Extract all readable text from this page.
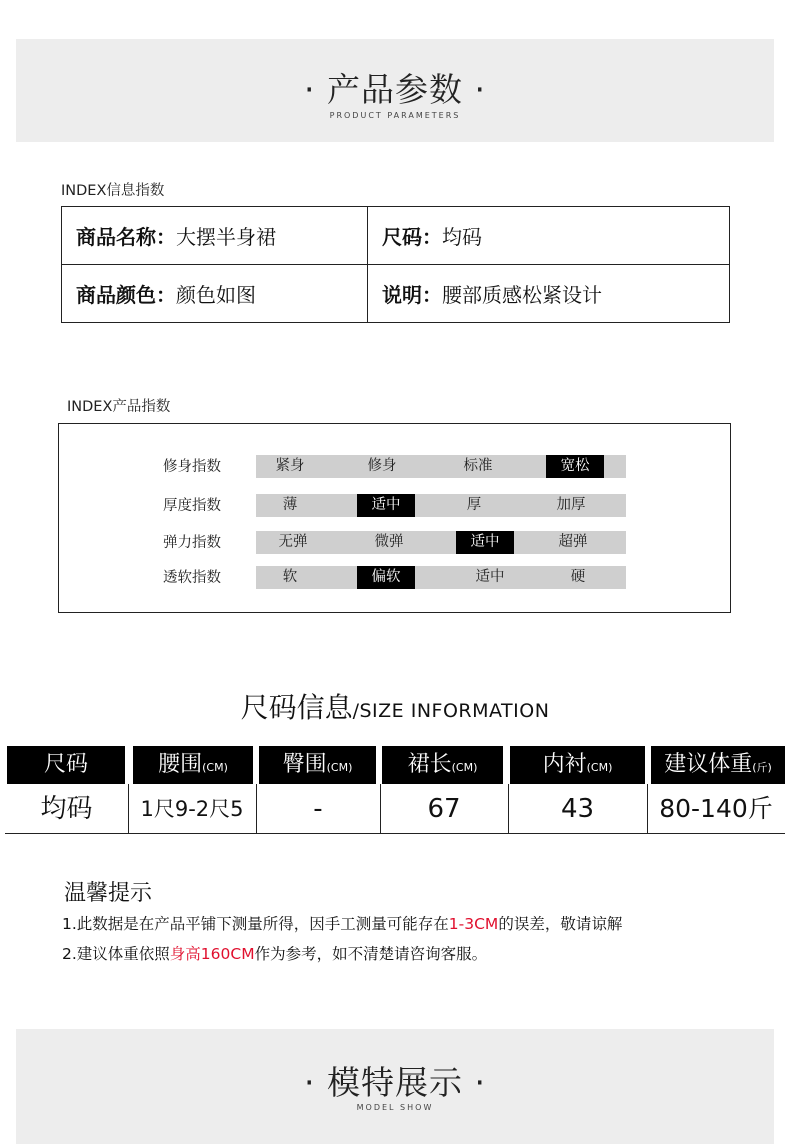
· 产品参数 ·
PRODUCT PARAMETERS
INDEX信息指数
商品名称：大摆半身裙	尺码：均码
商品颜色：颜色如图	说明：腰部质感松紧设计
INDEX产品指数
修身指数	紧身	修身	标准	宽松
厚度指数	薄	适中	厚	加厚
弹力指数	无弹	微弹	适中	超弹
透软指数	软	偏软	适中	硬
尺码信息/SIZE INFORMATION
尺码	腰围(CM)	臀围(CM)	裙长(CM)	内衬(CM)	建议体重(斤)
均码	1尺9-2尺5	-	67	43	80-140斤
温馨提示
1.此数据是在产品平铺下测量所得，因手工测量可能存在1-3CM的误差，敬请谅解
2.建议体重依照身高160CM作为参考，如不清楚请咨询客服。
· 模特展示 ·
MODEL SHOW
